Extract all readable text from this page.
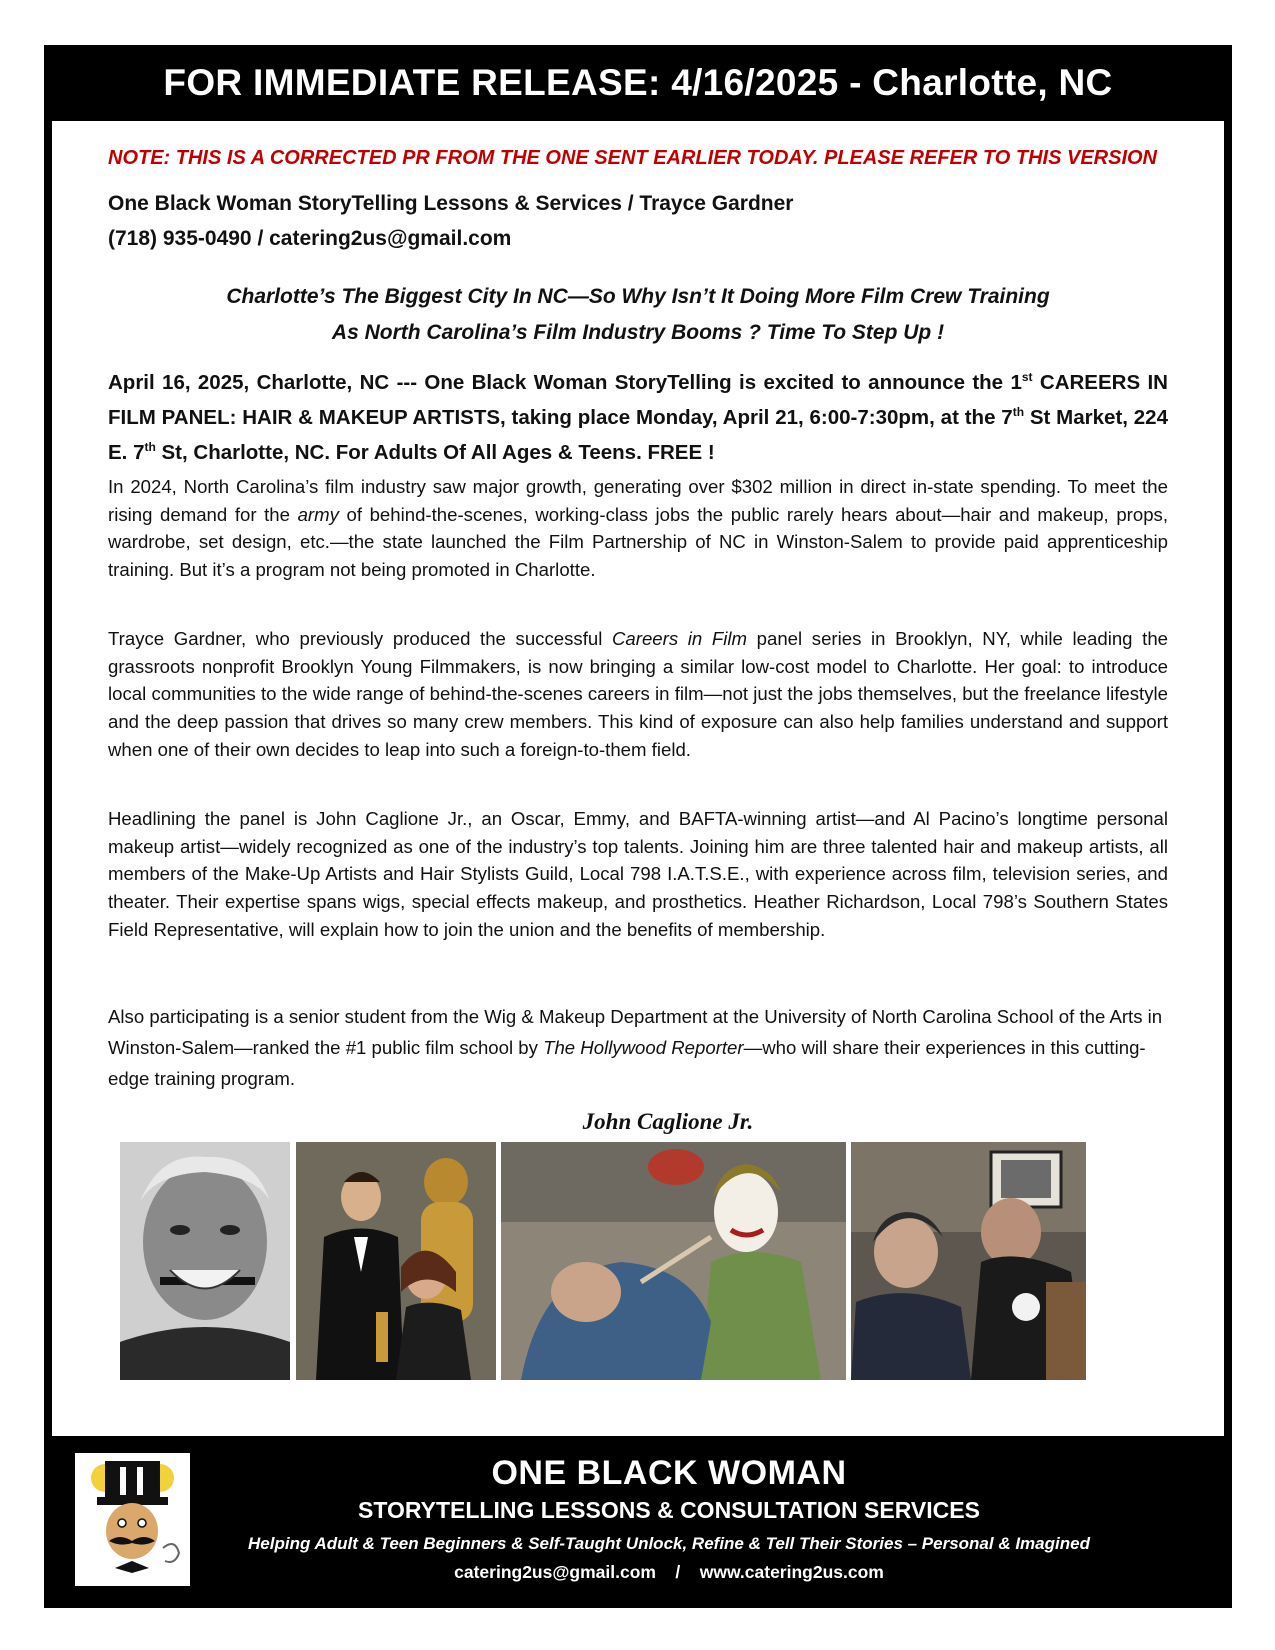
FOR IMMEDIATE RELEASE: 4/16/2025 - Charlotte, NC
NOTE: THIS IS A CORRECTED PR FROM THE ONE SENT EARLIER TODAY. PLEASE REFER TO THIS VERSION
One Black Woman StoryTelling Lessons & Services / Trayce Gardner
(718) 935-0490 / catering2us@gmail.com
Charlotte’s The Biggest City In NC—So Why Isn’t It Doing More Film Crew Training
As North Carolina’s Film Industry Booms ? Time To Step Up !
April 16, 2025, Charlotte, NC --- One Black Woman StoryTelling is excited to announce the 1st CAREERS IN FILM PANEL: HAIR & MAKEUP ARTISTS, taking place Monday, April 21, 6:00-7:30pm, at the 7th St Market, 224 E. 7th St, Charlotte, NC. For Adults Of All Ages & Teens. FREE !
In 2024, North Carolina’s film industry saw major growth, generating over $302 million in direct in-state spending. To meet the rising demand for the army of behind-the-scenes, working-class jobs the public rarely hears about—hair and makeup, props, wardrobe, set design, etc.—the state launched the Film Partnership of NC in Winston-Salem to provide paid apprenticeship training. But it’s a program not being promoted in Charlotte.
Trayce Gardner, who previously produced the successful Careers in Film panel series in Brooklyn, NY, while leading the grassroots nonprofit Brooklyn Young Filmmakers, is now bringing a similar low-cost model to Charlotte. Her goal: to introduce local communities to the wide range of behind-the-scenes careers in film—not just the jobs themselves, but the freelance lifestyle and the deep passion that drives so many crew members. This kind of exposure can also help families understand and support when one of their own decides to leap into such a foreign-to-them field.
Headlining the panel is John Caglione Jr., an Oscar, Emmy, and BAFTA-winning artist—and Al Pacino’s longtime personal makeup artist—widely recognized as one of the industry’s top talents. Joining him are three talented hair and makeup artists, all members of the Make-Up Artists and Hair Stylists Guild, Local 798 I.A.T.S.E., with experience across film, television series, and theater. Their expertise spans wigs, special effects makeup, and prosthetics. Heather Richardson, Local 798’s Southern States Field Representative, will explain how to join the union and the benefits of membership.
Also participating is a senior student from the Wig & Makeup Department at the University of North Carolina School of the Arts in Winston-Salem—ranked the #1 public film school by The Hollywood Reporter—who will share their experiences in this cutting-edge training program.
John Caglione Jr.
ONE BLACK WOMAN
STORYTELLING LESSONS & CONSULTATION SERVICES
Helping Adult & Teen Beginners & Self-Taught Unlock, Refine & Tell Their Stories – Personal & Imagined
catering2us@gmail.com    /    www.catering2us.com
